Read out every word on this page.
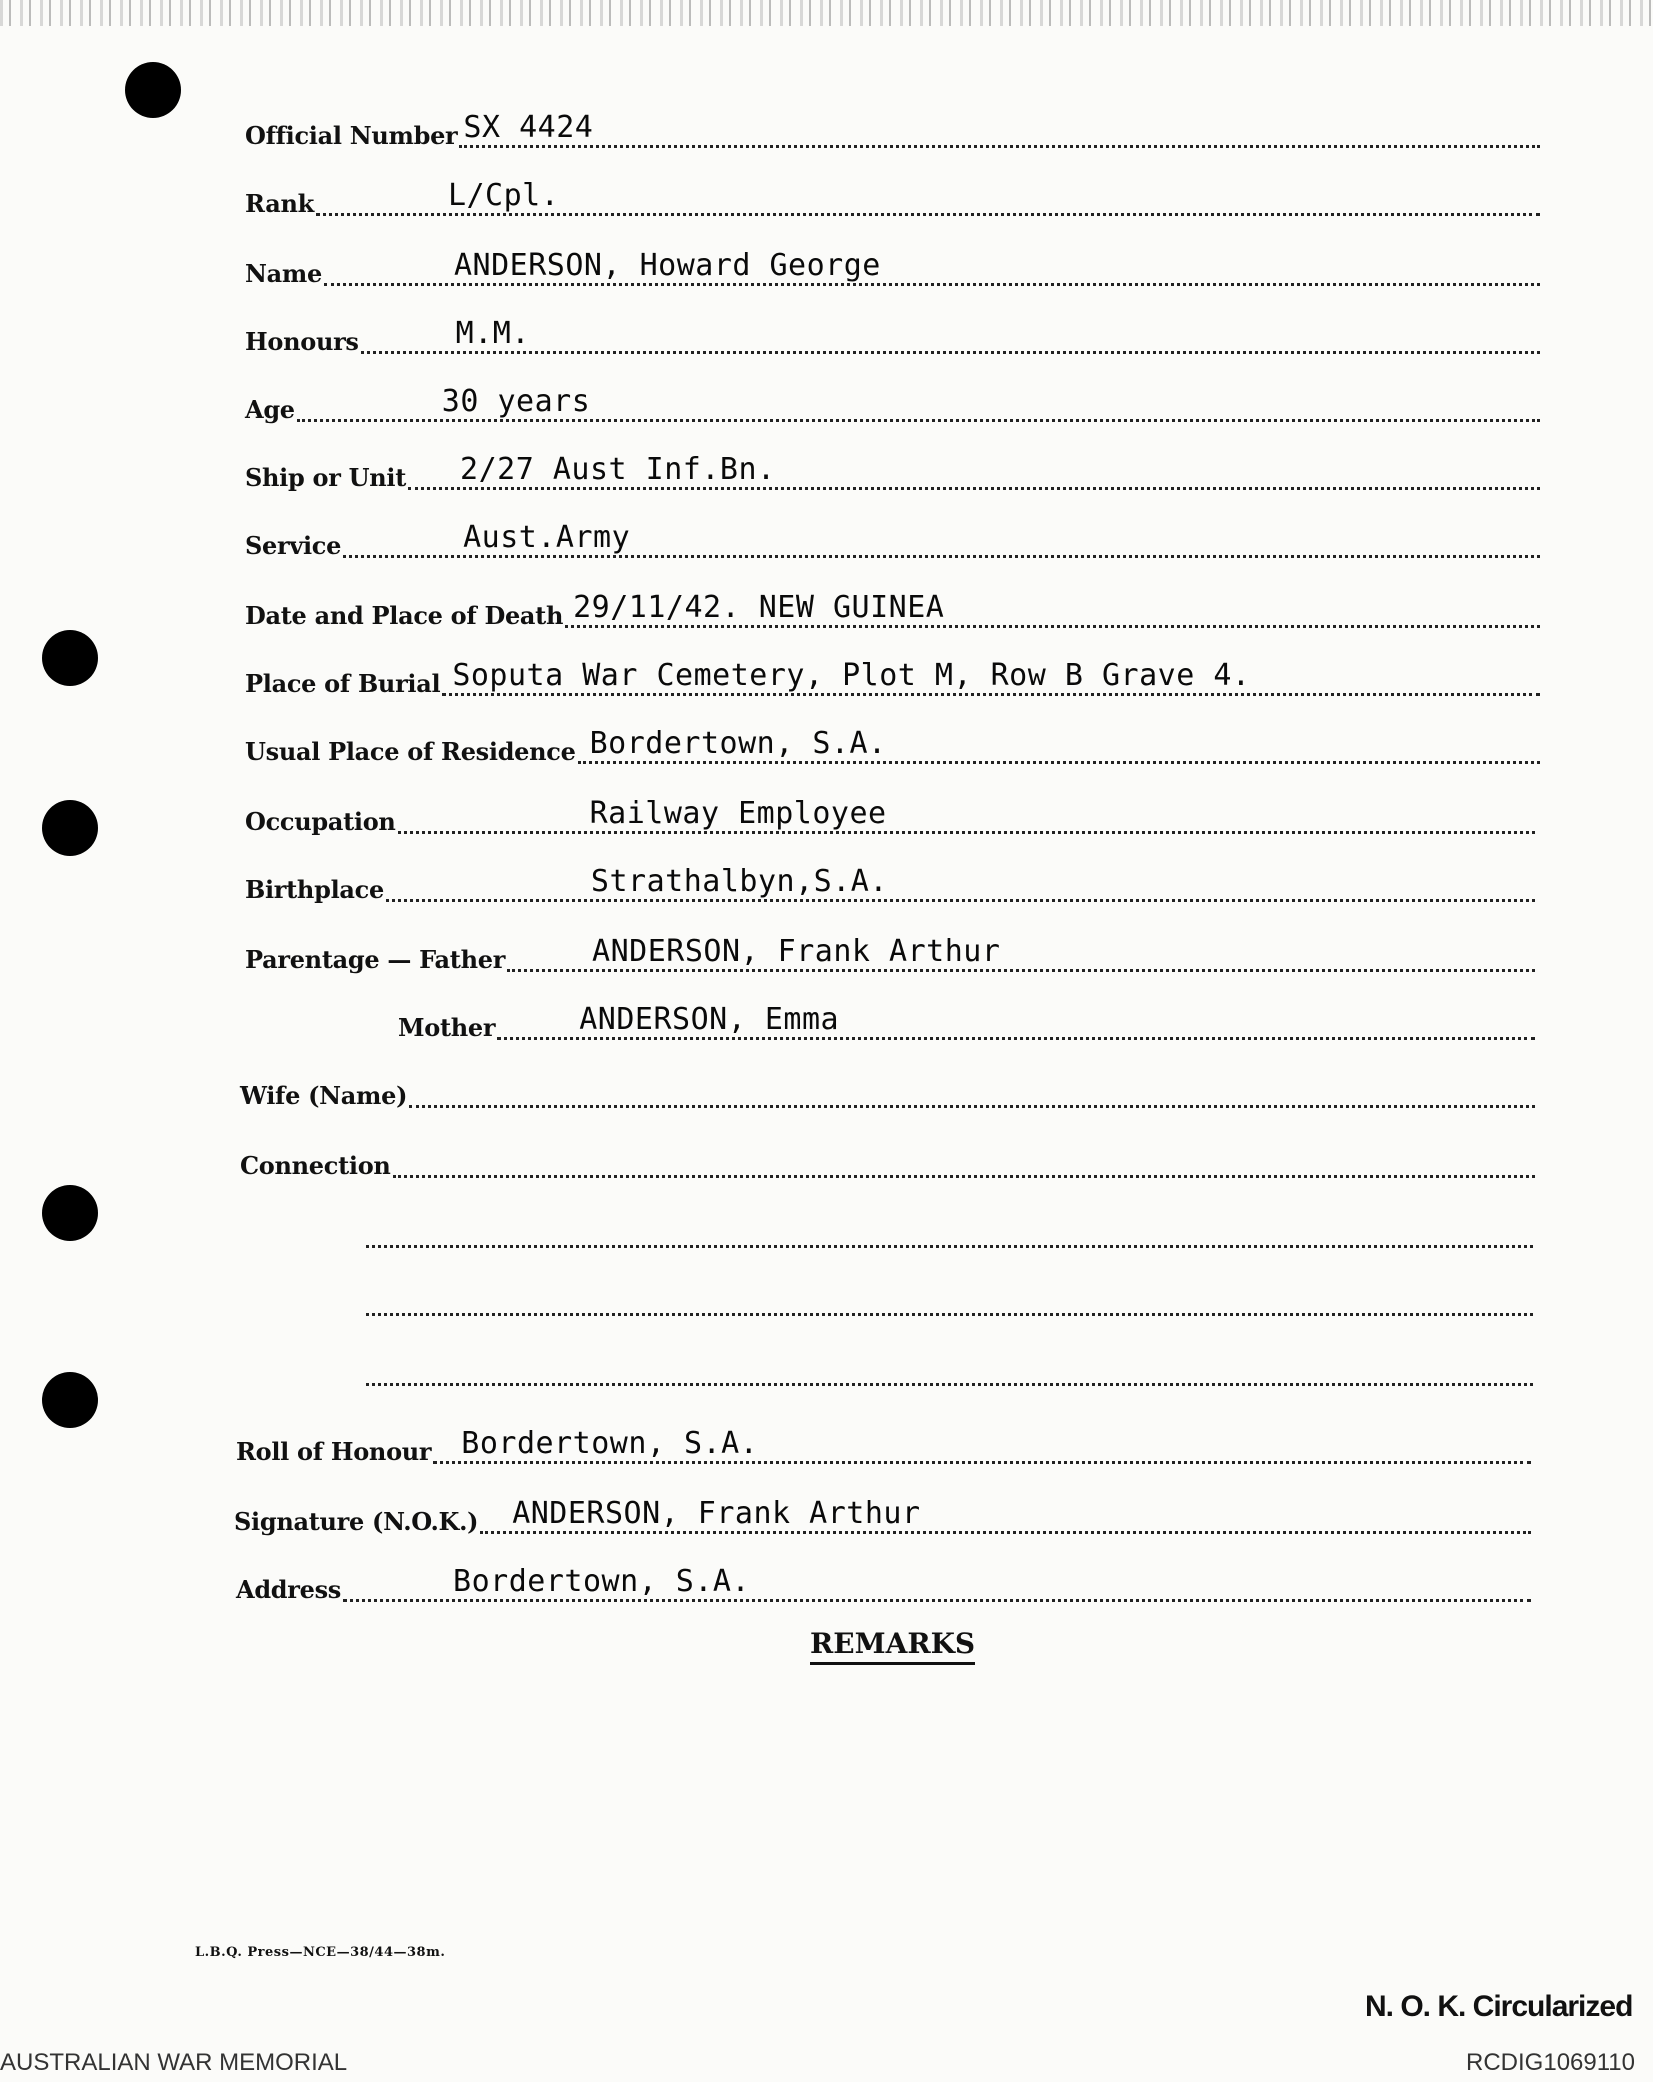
Official Number SX 4424
Rank	L/Cpl.
Name	ANDERSON, Howard George
Honours	M.M.
Age	30 years
Ship or Unit 2/27 Aust Inf.Bn.
Service	Aust.Army
Date and Place of Death 29/11/42. NEW GUINEA
Place of Burial Soputa War Cemetery, Plot M, Row B Grave 4.
Usual Place of Residence Bordertown, S.A.
Occupation	Railway Employee
Birthplace	Strathalbyn,S.A.
Parentage — Father	ANDERSON, Frank Arthur
Mother	ANDERSON, Emma
Wife (Name)
Connection
Roll of Honour Bordertown, S.A.
Signature (N.O.K.) ANDERSON, Frank Arthur
Address	Bordertown, S.A.
REMARKS
L.B.Q. Press—NCE—38/44—38m.
N. O. K. Circularized
AUSTRALIAN WAR MEMORIAL	RCDIG1069110
